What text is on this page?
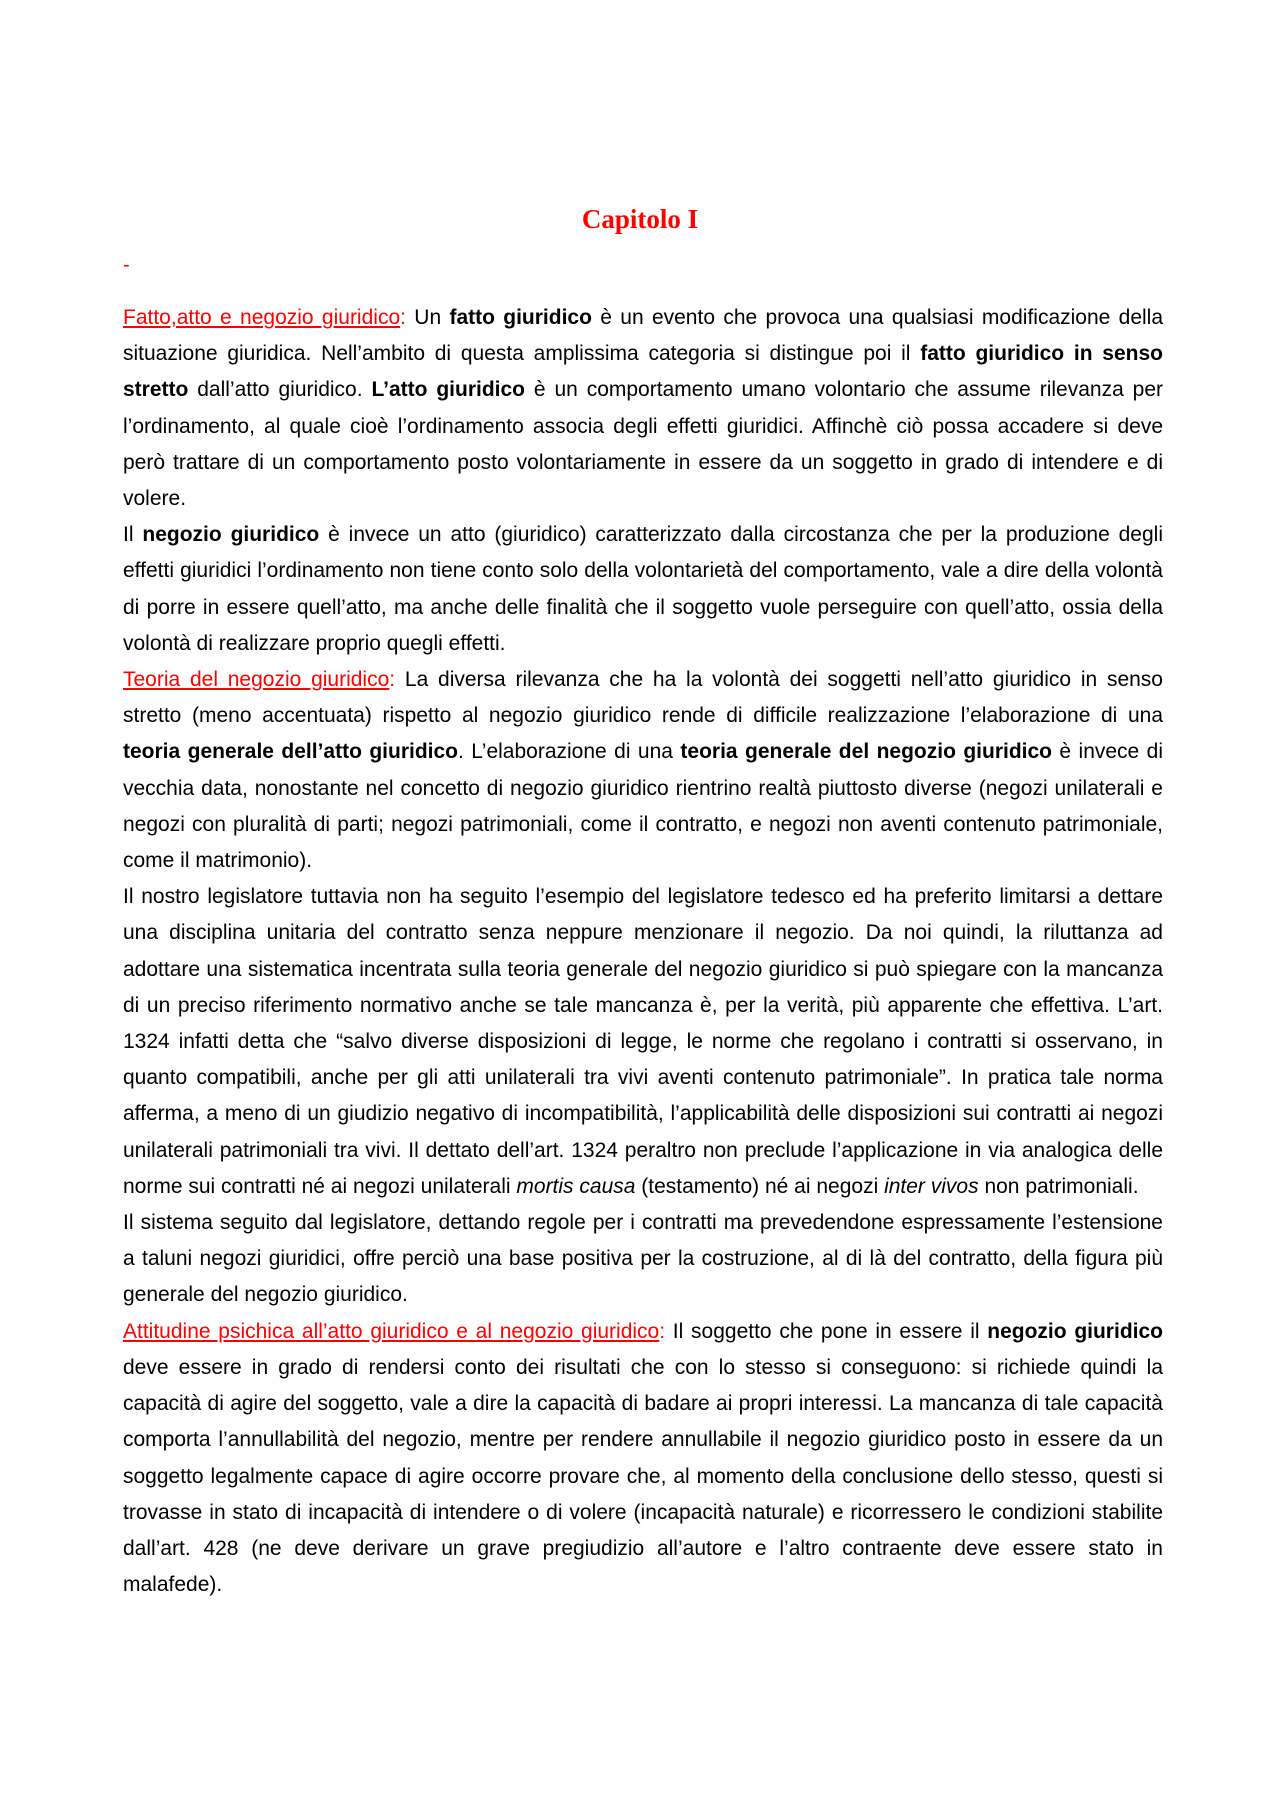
Capitolo I
-

Fatto,atto e negozio giuridico: Un fatto giuridico è un evento che provoca una qualsiasi modificazione della situazione giuridica. Nell’ambito di questa amplissima categoria si distingue poi il fatto giuridico in senso stretto dall’atto giuridico. L’atto giuridico è un comportamento umano volontario che assume rilevanza per l’ordinamento, al quale cioè l’ordinamento associa degli effetti giuridici. Affinchè ciò possa accadere si deve però trattare di un comportamento posto volontariamente in essere da un soggetto in grado di intendere e di volere.

Il negozio giuridico è invece un atto (giuridico) caratterizzato dalla circostanza che per la produzione degli effetti giuridici l’ordinamento non tiene conto solo della volontarietà del comportamento, vale a dire della volontà di porre in essere quell’atto, ma anche delle finalità che il soggetto vuole perseguire con quell’atto, ossia della volontà di realizzare proprio quegli effetti.

Teoria del negozio giuridico: La diversa rilevanza che ha la volontà dei soggetti nell’atto giuridico in senso stretto (meno accentuata) rispetto al negozio giuridico rende di difficile realizzazione l’elaborazione di una teoria generale dell’atto giuridico. L’elaborazione di una teoria generale del negozio giuridico è invece di vecchia data, nonostante nel concetto di negozio giuridico rientrino realtà piuttosto diverse (negozi unilaterali e negozi con pluralità di parti; negozi patrimoniali, come il contratto, e negozi non aventi contenuto patrimoniale, come il matrimonio).

Il nostro legislatore tuttavia non ha seguito l’esempio del legislatore tedesco ed ha preferito limitarsi a dettare una disciplina unitaria del contratto senza neppure menzionare il negozio. Da noi quindi, la riluttanza ad adottare una sistematica incentrata sulla teoria generale del negozio giuridico si può spiegare con la mancanza di un preciso riferimento normativo anche se tale mancanza è, per la verità, più apparente che effettiva. L’art. 1324 infatti detta che “salvo diverse disposizioni di legge, le norme che regolano i contratti si osservano, in quanto compatibili, anche per gli atti unilaterali tra vivi aventi contenuto patrimoniale”. In pratica tale norma afferma, a meno di un giudizio negativo di incompatibilità, l’applicabilità delle disposizioni sui contratti ai negozi unilaterali patrimoniali tra vivi. Il dettato dell’art. 1324 peraltro non preclude l’applicazione in via analogica delle norme sui contratti né ai negozi unilaterali mortis causa (testamento) né ai negozi inter vivos non patrimoniali.

Il sistema seguito dal legislatore, dettando regole per i contratti ma prevedendone espressamente l’estensione a taluni negozi giuridici, offre perciò una base positiva per la costruzione, al di là del contratto, della figura più generale del negozio giuridico.

Attitudine psichica all’atto giuridico e al negozio giuridico: Il soggetto che pone in essere il negozio giuridico deve essere in grado di rendersi conto dei risultati che con lo stesso si conseguono: si richiede quindi la capacità di agire del soggetto, vale a dire la capacità di badare ai propri interessi. La mancanza di tale capacità comporta l’annullabilità del negozio, mentre per rendere annullabile il negozio giuridico posto in essere da un soggetto legalmente capace di agire occorre provare che, al momento della conclusione dello stesso, questi si trovasse in stato di incapacità di intendere o di volere (incapacità naturale) e ricorressero le condizioni stabilite dall’art. 428 (ne deve derivare un grave pregiudizio all’autore e l’altro contraente deve essere stato in malafede).
